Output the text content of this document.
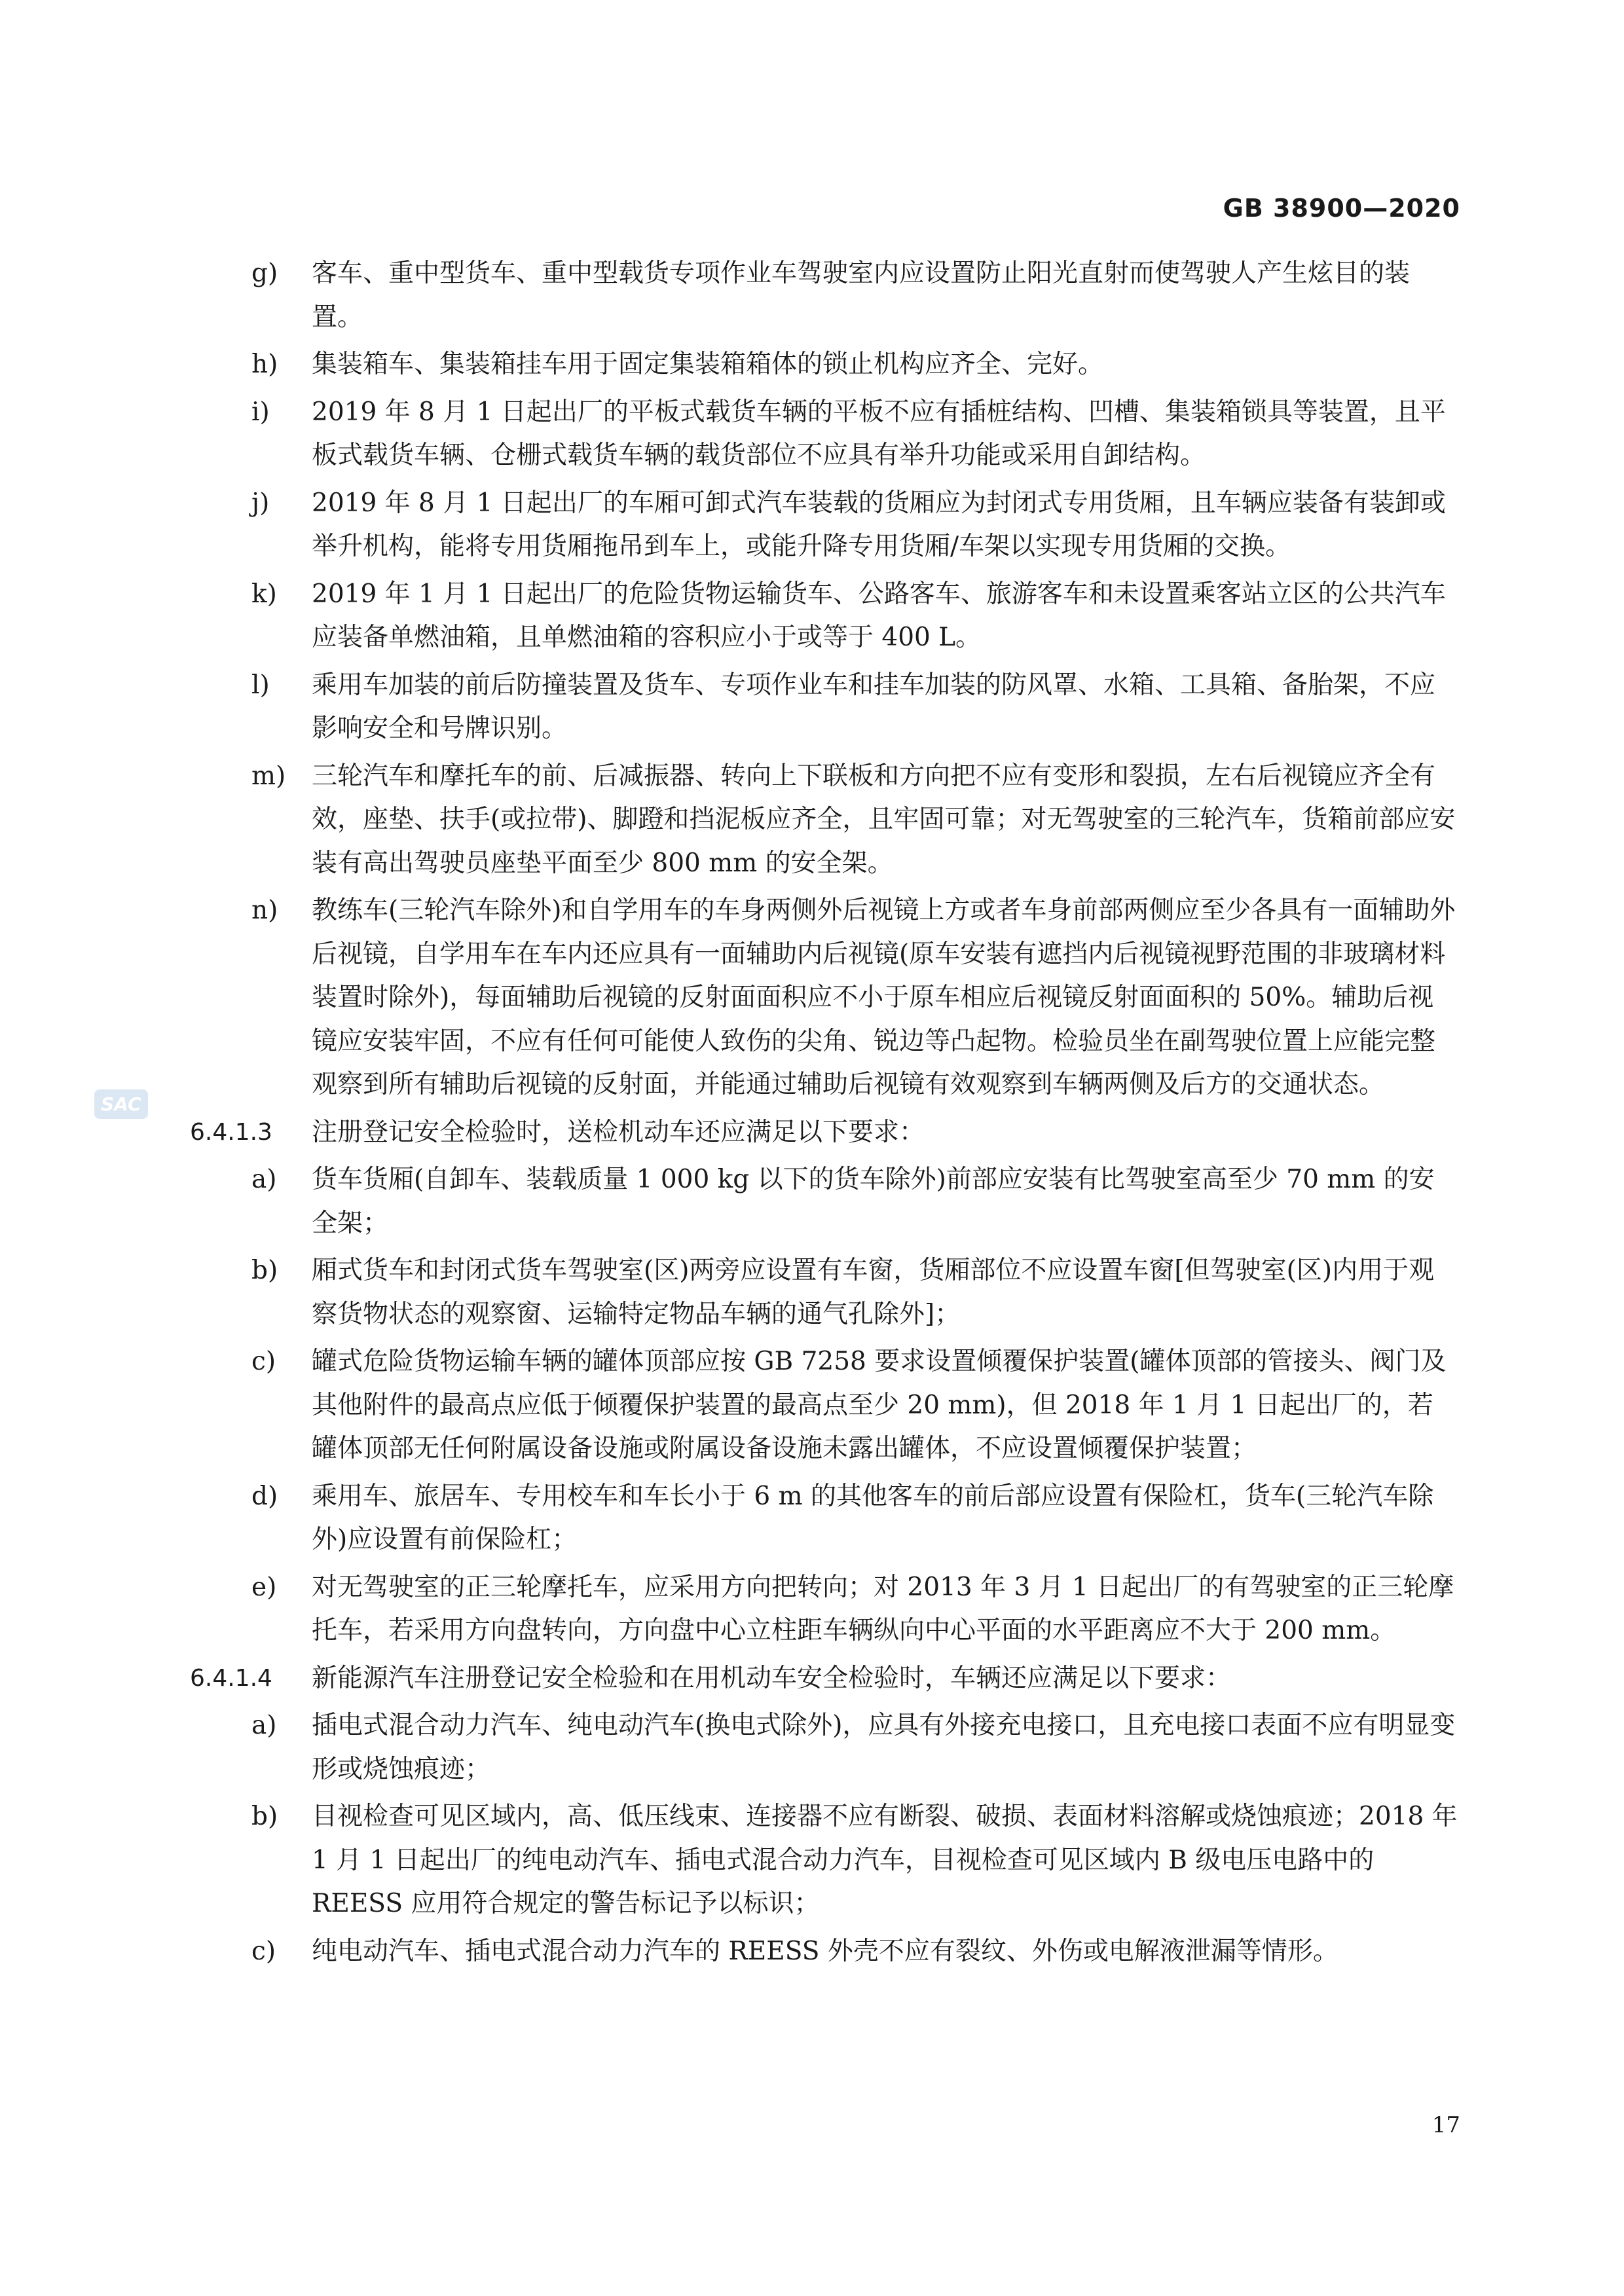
GB 38900—2020
SAC
g) 客车、重中型货车、重中型载货专项作业车驾驶室内应设置防止阳光直射而使驾驶人产生炫目的装置。
h) 集装箱车、集装箱挂车用于固定集装箱箱体的锁止机构应齐全、完好。
i) 2019 年 8 月 1 日起出厂的平板式载货车辆的平板不应有插桩结构、凹槽、集装箱锁具等装置，且平板式载货车辆、仓栅式载货车辆的载货部位不应具有举升功能或采用自卸结构。
j) 2019 年 8 月 1 日起出厂的车厢可卸式汽车装载的货厢应为封闭式专用货厢，且车辆应装备有装卸或举升机构，能将专用货厢拖吊到车上，或能升降专用货厢/车架以实现专用货厢的交换。
k) 2019 年 1 月 1 日起出厂的危险货物运输货车、公路客车、旅游客车和未设置乘客站立区的公共汽车应装备单燃油箱，且单燃油箱的容积应小于或等于 400 L。
l) 乘用车加装的前后防撞装置及货车、专项作业车和挂车加装的防风罩、水箱、工具箱、备胎架，不应影响安全和号牌识别。
m) 三轮汽车和摩托车的前、后减振器、转向上下联板和方向把不应有变形和裂损，左右后视镜应齐全有效，座垫、扶手(或拉带)、脚蹬和挡泥板应齐全，且牢固可靠；对无驾驶室的三轮汽车，货箱前部应安装有高出驾驶员座垫平面至少 800 mm 的安全架。
n) 教练车(三轮汽车除外)和自学用车的车身两侧外后视镜上方或者车身前部两侧应至少各具有一面辅助外后视镜，自学用车在车内还应具有一面辅助内后视镜(原车安装有遮挡内后视镜视野范围的非玻璃材料装置时除外)，每面辅助后视镜的反射面面积应不小于原车相应后视镜反射面面积的 50%。辅助后视镜应安装牢固，不应有任何可能使人致伤的尖角、锐边等凸起物。检验员坐在副驾驶位置上应能完整观察到所有辅助后视镜的反射面，并能通过辅助后视镜有效观察到车辆两侧及后方的交通状态。
6.4.1.3 注册登记安全检验时，送检机动车还应满足以下要求：
a) 货车货厢(自卸车、装载质量 1 000 kg 以下的货车除外)前部应安装有比驾驶室高至少 70 mm 的安全架；
b) 厢式货车和封闭式货车驾驶室(区)两旁应设置有车窗，货厢部位不应设置车窗[但驾驶室(区)内用于观察货物状态的观察窗、运输特定物品车辆的通气孔除外]；
c) 罐式危险货物运输车辆的罐体顶部应按 GB 7258 要求设置倾覆保护装置(罐体顶部的管接头、阀门及其他附件的最高点应低于倾覆保护装置的最高点至少 20 mm)，但 2018 年 1 月 1 日起出厂的，若罐体顶部无任何附属设备设施或附属设备设施未露出罐体，不应设置倾覆保护装置；
d) 乘用车、旅居车、专用校车和车长小于 6 m 的其他客车的前后部应设置有保险杠，货车(三轮汽车除外)应设置有前保险杠；
e) 对无驾驶室的正三轮摩托车，应采用方向把转向；对 2013 年 3 月 1 日起出厂的有驾驶室的正三轮摩托车，若采用方向盘转向，方向盘中心立柱距车辆纵向中心平面的水平距离应不大于 200 mm。
6.4.1.4 新能源汽车注册登记安全检验和在用机动车安全检验时，车辆还应满足以下要求：
a) 插电式混合动力汽车、纯电动汽车(换电式除外)，应具有外接充电接口，且充电接口表面不应有明显变形或烧蚀痕迹；
b) 目视检查可见区域内，高、低压线束、连接器不应有断裂、破损、表面材料溶解或烧蚀痕迹；2018 年 1 月 1 日起出厂的纯电动汽车、插电式混合动力汽车，目视检查可见区域内 B 级电压电路中的 REESS 应用符合规定的警告标记予以标识；
c) 纯电动汽车、插电式混合动力汽车的 REESS 外壳不应有裂纹、外伤或电解液泄漏等情形。
17
